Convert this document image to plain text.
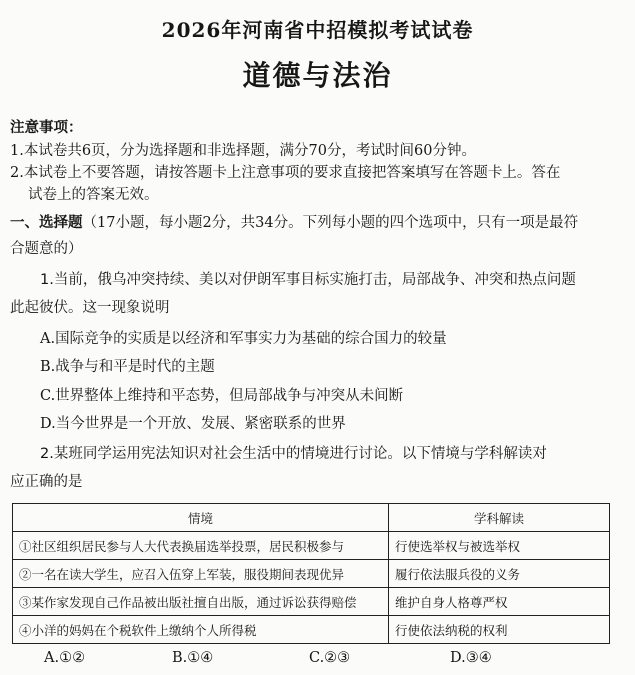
2026年河南省中招模拟考试试卷
道德与法治
注意事项：
1.本试卷共6页，分为选择题和非选择题，满分70分，考试时间60分钟。
2.本试卷上不要答题，请按答题卡上注意事项的要求直接把答案填写在答题卡上。答在
试卷上的答案无效。
一、选择题（17小题，每小题2分，共34分。下列每小题的四个选项中，只有一项是最符
合题意的）
1.当前，俄乌冲突持续、美以对伊朗军事目标实施打击，局部战争、冲突和热点问题
此起彼伏。这一现象说明
A.国际竞争的实质是以经济和军事实力为基础的综合国力的较量
B.战争与和平是时代的主题
C.世界整体上维持和平态势，但局部战争与冲突从未间断
D.当今世界是一个开放、发展、紧密联系的世界
2.某班同学运用宪法知识对社会生活中的情境进行讨论。以下情境与学科解读对
应正确的是
情境	学科解读
①社区组织居民参与人大代表换届选举投票，居民积极参与	行使选举权与被选举权
②一名在读大学生，应召入伍穿上军装，服役期间表现优异	履行依法服兵役的义务
③某作家发现自己作品被出版社擅自出版，通过诉讼获得赔偿	维护自身人格尊严权
④小洋的妈妈在个税软件上缴纳个人所得税	行使依法纳税的权利
A.①②	B.①④	C.②③	D.③④
